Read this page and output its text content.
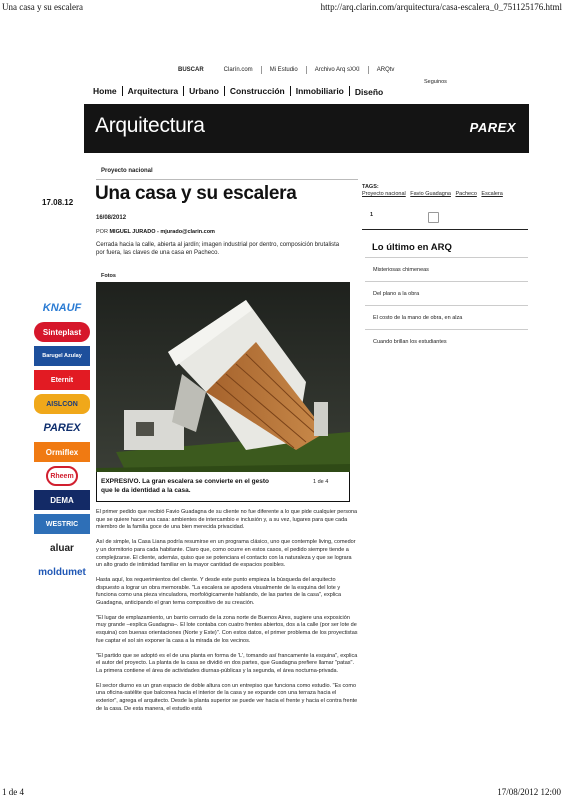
Una casa y su escalera	http://arq.clarin.com/arquitectura/casa-escalera_0_751125176.html
BUSCAR	Clarín.com	Mi Estudio	Archivo Arq sXXI	ARQtv
Seguinos
Home	Arquitectura	Urbano	Construcción	Inmobiliario	Diseño
Arquitectura	PAREX
Proyecto nacional
17.08.12 Una casa y su escalera
16/08/2012
POR MIGUEL JURADO - mjurado@clarin.com
Cerrada hacia la calle, abierta al jardín; imagen industrial por dentro, composición brutalista por fuera, las claves de una casa en Pacheco.
Fotos
EXPRESIVO. La gran escalera se convierte en el gesto que le da identidad a la casa.
1 de 4

El primer pedido que recibió Favio Guadagna de su cliente no fue diferente a lo que pide cualquier persona que se quiere hacer una casa: ambientes de intercambio e inclusión y, a su vez, lugares para que cada miembro de la familia goce de una bien merecida privacidad.

Así de simple, la Casa Liana podría resumirse en un programa clásico, uno que contemple living, comedor y un dormitorio para cada habitante. Claro que, como ocurre en estos casos, el pedido siempre tiende a complejizarse. El cliente, además, quiso que se potenciara el contacto con la naturaleza y que se lograra un alto grado de intimidad familiar en la mayor cantidad de espacios posibles.

Hasta aquí, los requerimientos del cliente. Y desde este punto empieza la búsqueda del arquitecto dispuesto a lograr un obra memorable. "La escalera se apodera visualmente de la esquina del lote y funciona como una pieza vinculadora, morfológicamente hablando, de las partes de la casa", explica Guadagna, anticipando el gran tema compositivo de su creación.

"El lugar de emplazamiento, un barrio cerrado de la zona norte de Buenos Aires, sugiere una exposición muy grande –explica Guadagna–. El lote contaba con cuatro frentes abiertos, dos a la calle (por ser lote de esquina) con buenas orientaciones (Norte y Este)". Con estos datos, el primer problema de los proyectistas fue captar el sol sin exponer la casa a la mirada de los vecinos.

"El partido que se adoptó es el de una planta en forma de 'L', tomando así francamente la esquina", explica el autor del proyecto. La planta de la casa se dividió en dos partes, que Guadagna prefiere llamar "patas". La primera contiene el área de actividades diurnas-públicas y la segunda, el área nocturna-privada.

El sector diurno es un gran espacio de doble altura con un entrepiso que funciona como estudio. "Es como una oficina-satélite que balconea hacia el interior de la casa y se expande con una terraza hacia el exterior", agrega el arquitecto. Desde la planta superior se puede ver hacia el frente y hacia el contra frente de la casa. De esta manera, el estudio está

TAGS:
Proyecto nacional Favio Guadagna Pacheco Escalera
1
Lo último en ARQ
Misteriosas chimeneas
Del plano a la obra
El costo de la mano de obra, en alza
Cuando brillan los estudiantes
KNAUF
Sinteplast
Barugel Azulay
Eternit
AISLCON
PAREX
Ormiflex
Rheem
DEMA
WESTRIC
aluar
moldumet
1 de 4	17/08/2012 12:00
